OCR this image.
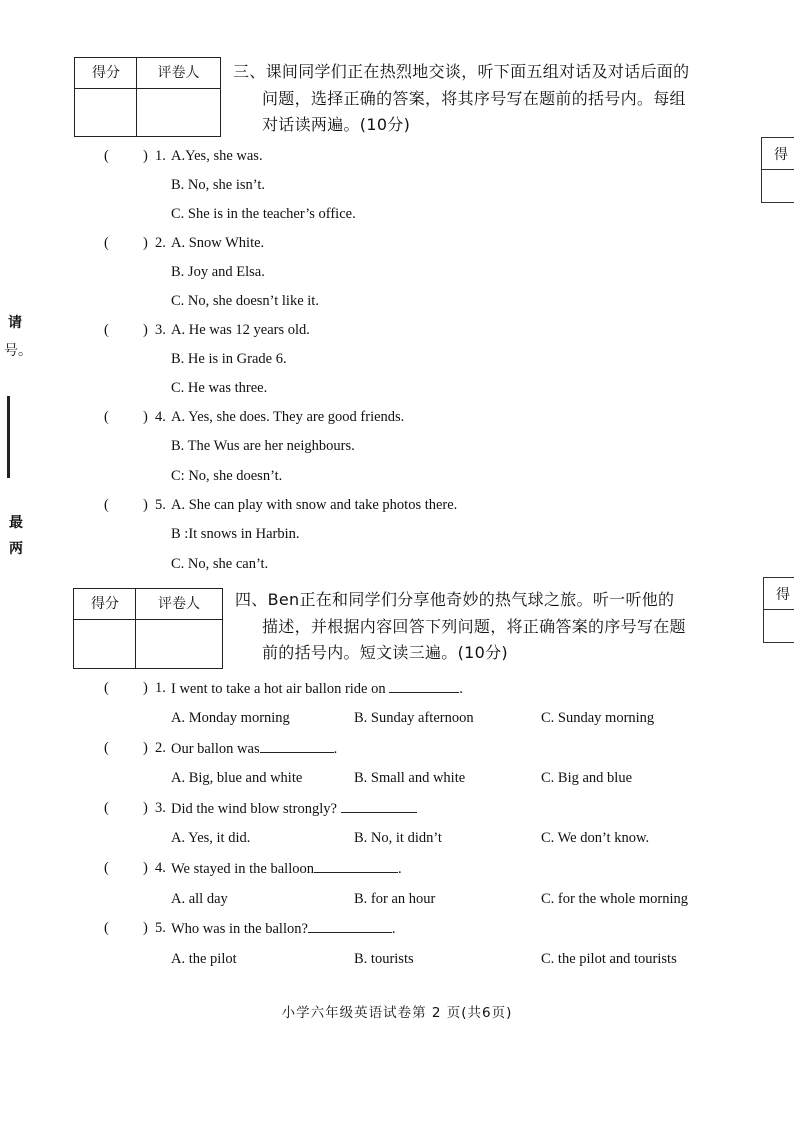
请
号。
最
两
得
得
得分	评卷人	三、课间同学们正在热烈地交谈，听下面五组对话及对话后面的
问题，选择正确的答案，将其序号写在题前的括号内。每组
对话读两遍。(10分)
( ) 1. A.Yes, she was.
B. No, she isn’t.
C. She is in the teacher’s office.
( ) 2. A. Snow White.
B. Joy and Elsa.
C. No, she doesn’t like it.
( ) 3. A. He was 12 years old.
B. He is in Grade 6.
C. He was three.
( ) 4. A. Yes, she does. They are good friends.
B. The Wus are her neighbours.
C: No, she doesn’t.
( ) 5. A. She can play with snow and take photos there.
B :It snows in Harbin.
C. No, she can’t.
得分	评卷人	四、Ben正在和同学们分享他奇妙的热气球之旅。听一听他的
描述，并根据内容回答下列问题，将正确答案的序号写在题
前的括号内。短文读三遍。(10分)
( ) 1. I went to take a hot air ballon ride on	.
A. Monday morning	B. Sunday afternoon	C. Sunday morning
( ) 2. Our ballon was	.
A. Big, blue and white	B. Small and white	C. Big and blue
( ) 3. Did the wind blow strongly?
A. Yes, it did.	B. No, it didn’t	C. We don’t know.
( ) 4. We stayed in the balloon	.
A. all day	B. for an hour	C. for the whole morning
( ) 5. Who was in the ballon?	.
A. the pilot	B. tourists	C. the pilot and tourists
小学六年级英语试卷第 2 页(共6页)
